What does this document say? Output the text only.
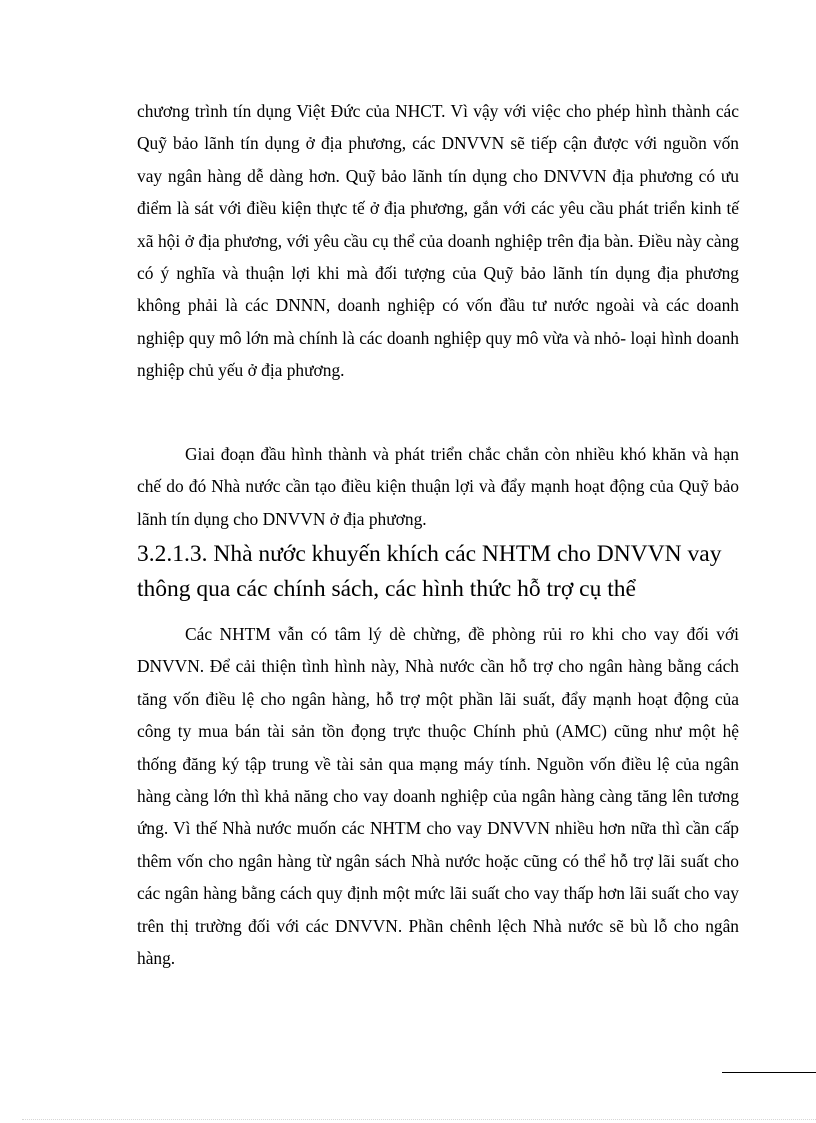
chương trình tín dụng Việt Đức của NHCT. Vì vậy với việc cho phép hình thành các Quỹ bảo lãnh tín dụng ở địa phương, các DNVVN sẽ tiếp cận được với nguồn vốn vay ngân hàng dễ dàng hơn. Quỹ bảo lãnh tín dụng cho DNVVN địa phương có ưu điểm là sát với điều kiện thực tế ở địa phương, gắn với các yêu cầu phát triển kinh tế xã hội ở địa phương, với yêu cầu cụ thể của doanh nghiệp trên địa bàn. Điều này càng có ý nghĩa và thuận lợi khi mà đối tượng của Quỹ bảo lãnh tín dụng địa phương không phải là các DNNN, doanh nghiệp có vốn đầu tư nước ngoài và các doanh nghiệp quy mô lớn mà chính là các doanh nghiệp quy mô vừa và nhỏ- loại hình doanh nghiệp chủ yếu ở địa phương.

Giai đoạn đầu hình thành và phát triển chắc chắn còn nhiều khó khăn và hạn chế do đó Nhà nước cần tạo điều kiện thuận lợi và đẩy mạnh hoạt động của Quỹ bảo lãnh tín dụng cho DNVVN ở địa phương.

3.2.1.3. Nhà nước khuyến khích các NHTM cho DNVVN vay thông qua các chính sách, các hình thức hỗ trợ cụ thể

Các NHTM vẫn có tâm lý dè chừng, đề phòng rủi ro khi cho vay đối với DNVVN. Để cải thiện tình hình này, Nhà nước cần hỗ trợ cho ngân hàng bằng cách tăng vốn điều lệ cho ngân hàng, hỗ trợ một phần lãi suất, đẩy mạnh hoạt động của công ty mua bán tài sản tồn đọng trực thuộc Chính phủ (AMC) cũng như một hệ thống đăng ký tập trung về tài sản qua mạng máy tính. Nguồn vốn điều lệ của ngân hàng càng lớn thì khả năng cho vay doanh nghiệp của ngân hàng càng tăng lên tương ứng. Vì thế Nhà nước muốn các NHTM cho vay DNVVN nhiều hơn nữa thì cần cấp thêm vốn cho ngân hàng từ ngân sách Nhà nước hoặc cũng có thể hỗ trợ lãi suất cho các ngân hàng bằng cách quy định một mức lãi suất cho vay thấp hơn lãi suất cho vay trên thị trường đối với các DNVVN. Phần chênh lệch Nhà nước sẽ bù lỗ cho ngân hàng.
